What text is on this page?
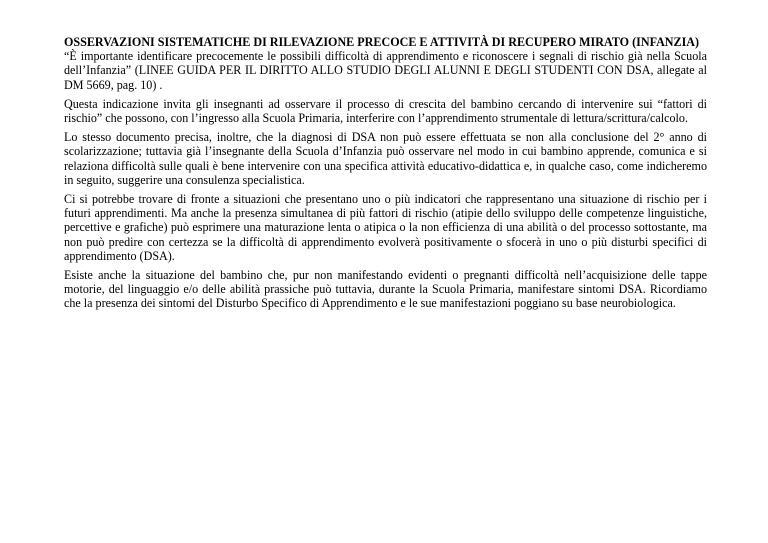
OSSERVAZIONI SISTEMATICHE DI RILEVAZIONE PRECOCE E ATTIVITÀ DI RECUPERO MIRATO (INFANZIA)

“È importante identificare precocemente le possibili difficoltà di apprendimento e riconoscere i segnali di rischio già nella Scuola dell’Infanzia” (LINEE GUIDA PER IL DIRITTO ALLO STUDIO DEGLI ALUNNI E DEGLI STUDENTI CON DSA, allegate al DM 5669, pag. 10) .

Questa indicazione invita gli insegnanti ad osservare il processo di crescita del bambino cercando di intervenire sui “fattori di rischio” che possono, con l’ingresso alla Scuola Primaria, interferire con l’apprendimento strumentale di lettura/scrittura/calcolo.

Lo stesso documento precisa, inoltre, che la diagnosi di DSA non può essere effettuata se non alla conclusione del 2° anno di scolarizzazione; tuttavia già l’insegnante della Scuola d’Infanzia può osservare nel modo in cui bambino apprende, comunica e si relaziona difficoltà sulle quali è bene intervenire con una specifica attività educativo-didattica e, in qualche caso, come indicheremo in seguito, suggerire una consulenza specialistica.

Ci si potrebbe trovare di fronte a situazioni che presentano uno o più indicatori che rappresentano una situazione di rischio per i futuri apprendimenti. Ma anche la presenza simultanea di più fattori di rischio (atipie dello sviluppo delle competenze linguistiche, percettive e grafiche) può esprimere una maturazione lenta o atipica o la non efficienza di una abilità o del processo sottostante, ma non può predire con certezza se la difficoltà di apprendimento evolverà positivamente o sfocerà in uno o più disturbi specifici di apprendimento (DSA).

Esiste anche la situazione del bambino che, pur non manifestando evidenti o pregnanti difficoltà nell’acquisizione delle tappe motorie, del linguaggio e/o delle abilità prassiche può tuttavia, durante la Scuola Primaria, manifestare sintomi DSA. Ricordiamo che la presenza dei sintomi del Disturbo Specifico di Apprendimento e le sue manifestazioni poggiano su base neurobiologica.
